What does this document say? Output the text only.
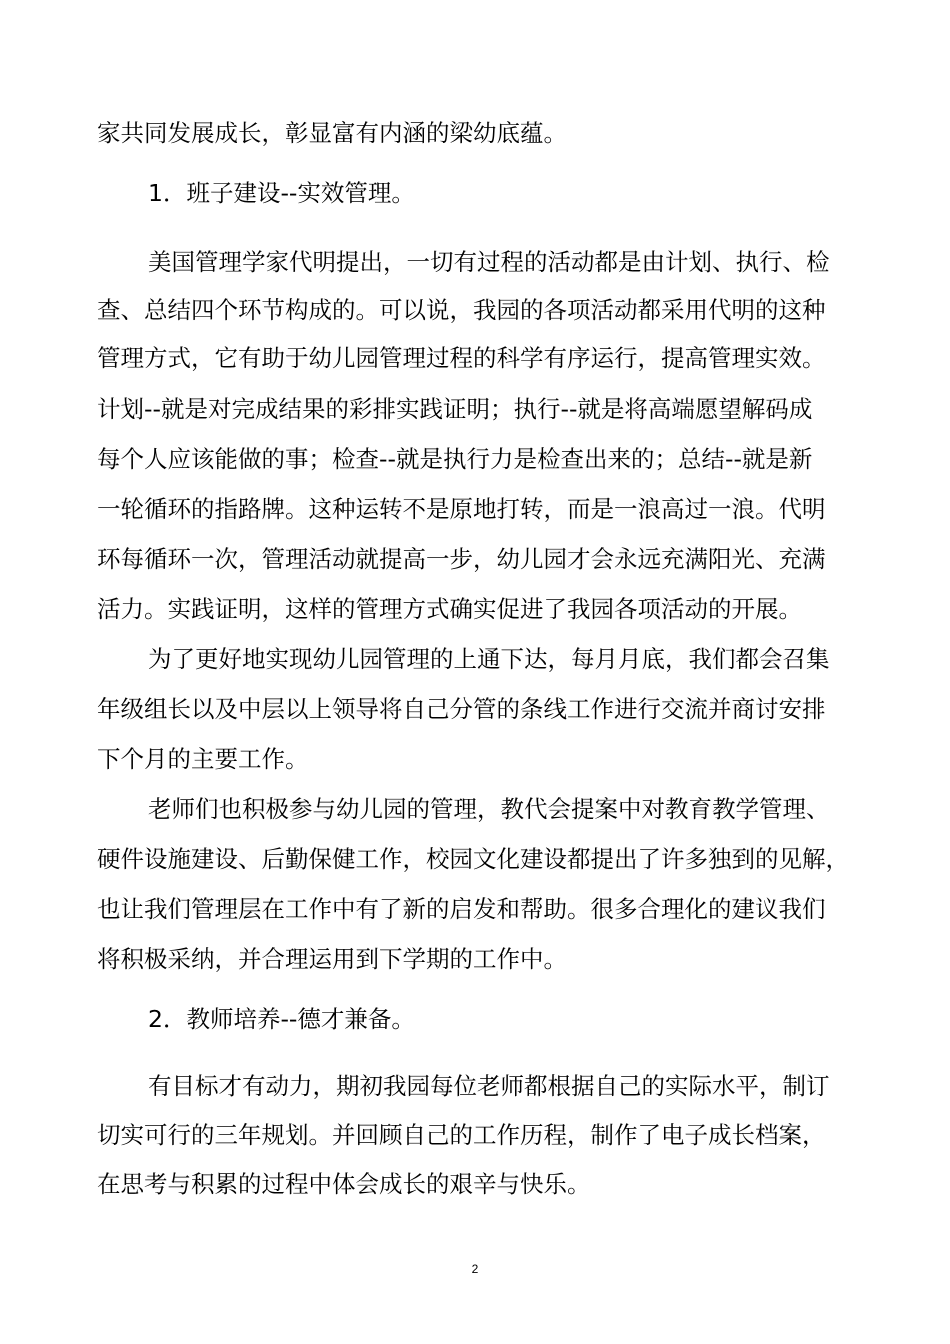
家共同发展成长，彰显富有内涵的梁幼底蕴。
1．班子建设--实效管理。
美国管理学家代明提出，一切有过程的活动都是由计划、执行、检
查、总结四个环节构成的。可以说，我园的各项活动都采用代明的这种
管理方式，它有助于幼儿园管理过程的科学有序运行，提高管理实效。
计划--就是对完成结果的彩排实践证明；执行--就是将高端愿望解码成
每个人应该能做的事；检查--就是执行力是检查出来的；总结--就是新
一轮循环的指路牌。这种运转不是原地打转，而是一浪高过一浪。代明
环每循环一次，管理活动就提高一步，幼儿园才会永远充满阳光、充满
活力。实践证明，这样的管理方式确实促进了我园各项活动的开展。
为了更好地实现幼儿园管理的上通下达，每月月底，我们都会召集
年级组长以及中层以上领导将自己分管的条线工作进行交流并商讨安排
下个月的主要工作。
老师们也积极参与幼儿园的管理，教代会提案中对教育教学管理、
硬件设施建设、后勤保健工作，校园文化建设都提出了许多独到的见解，
也让我们管理层在工作中有了新的启发和帮助。很多合理化的建议我们
将积极采纳，并合理运用到下学期的工作中。
2．教师培养--德才兼备。
有目标才有动力，期初我园每位老师都根据自己的实际水平，制订
切实可行的三年规划。并回顾自己的工作历程，制作了电子成长档案，
在思考与积累的过程中体会成长的艰辛与快乐。
2
